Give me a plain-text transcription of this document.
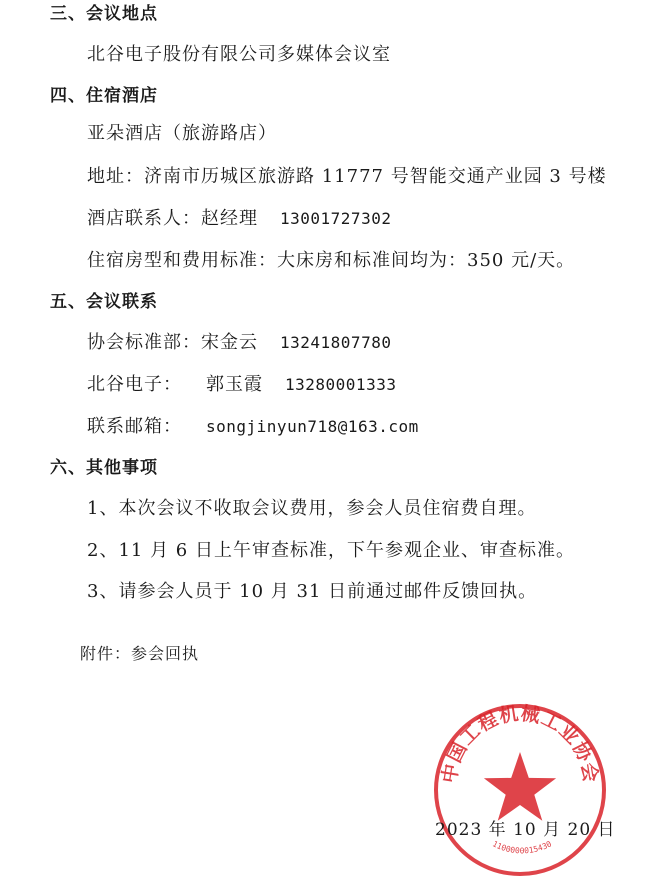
三、会议地点
北谷电子股份有限公司多媒体会议室
四、住宿酒店
亚朵酒店（旅游路店）
地址：济南市历城区旅游路 11777 号智能交通产业园 3 号楼
酒店联系人：赵经理 13001727302
住宿房型和费用标准：大床房和标准间均为：350 元/天。
五、会议联系
协会标准部：宋金云 13241807780
北谷电子： 郭玉霞 13280001333
联系邮箱： songjinyun718@163.com
六、其他事项
1、本次会议不收取会议费用，参会人员住宿费自理。
2、11 月 6 日上午审查标准，下午参观企业、审查标准。
3、请参会人员于 10 月 31 日前通过邮件反馈回执。
附件：参会回执
中国工程机械工业协会
1100000015430
2023 年 10 月 20 日
